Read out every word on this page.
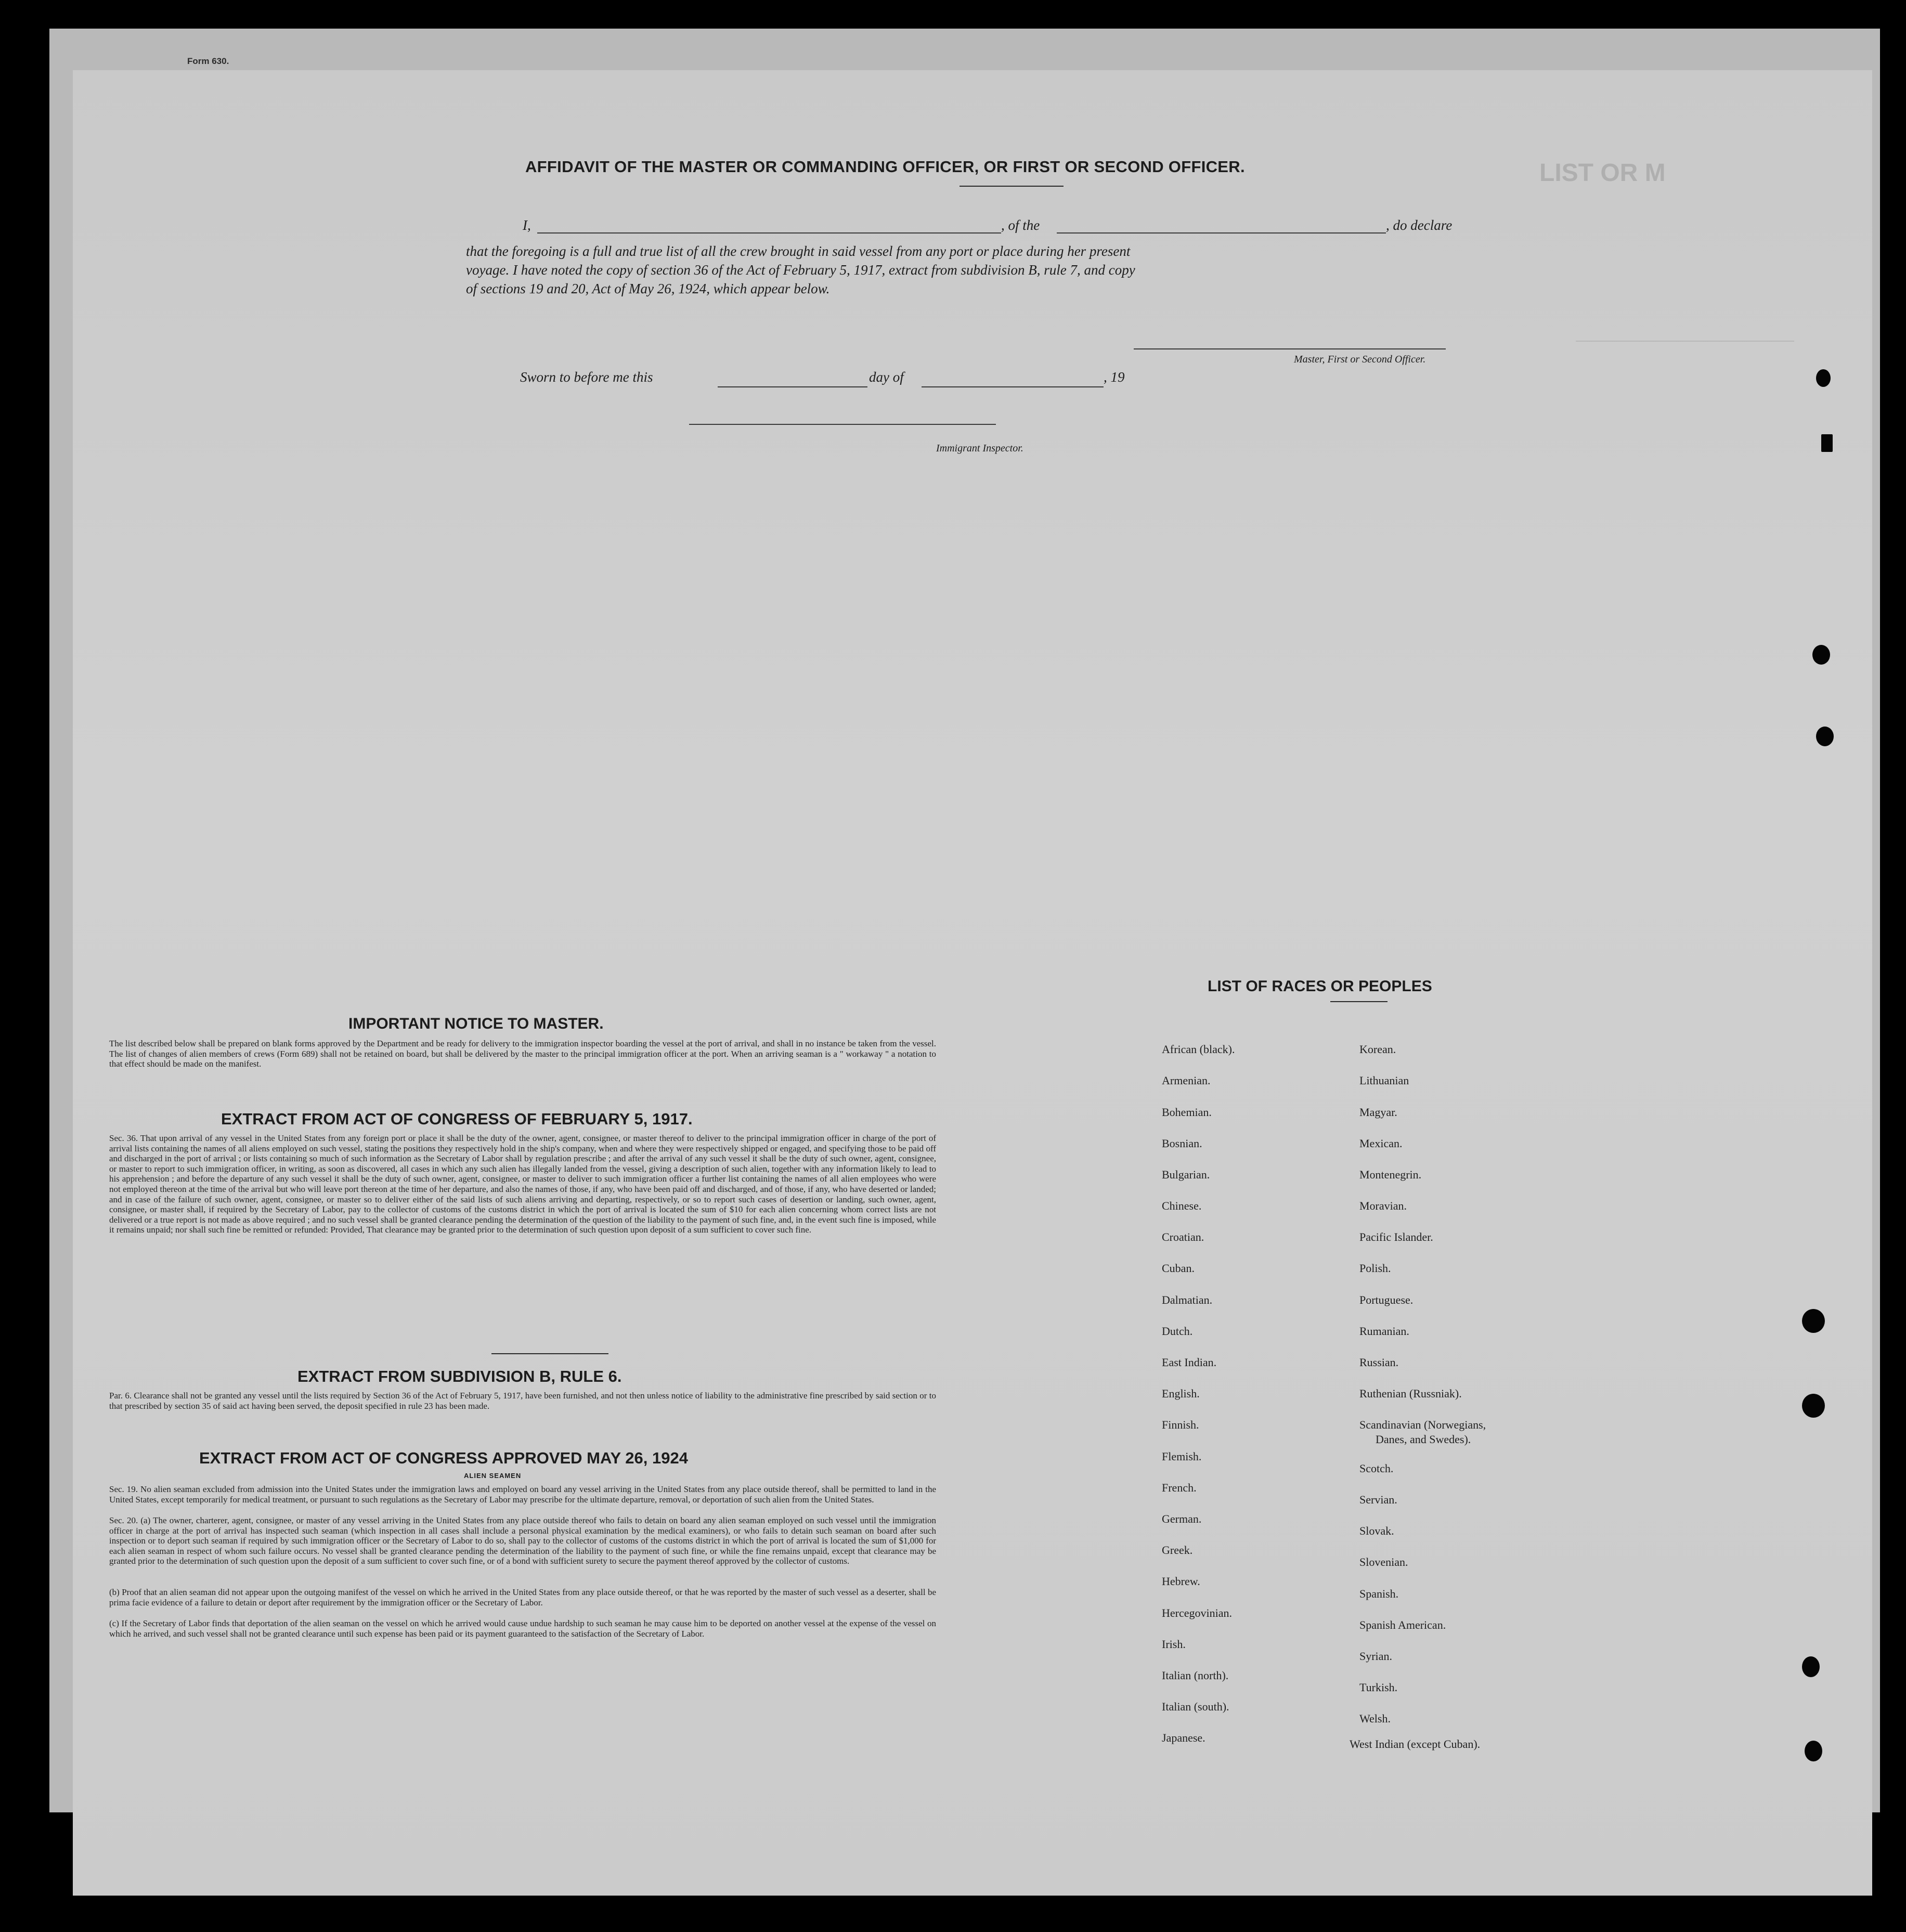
Form 630.
LIST OR M
AFFIDAVIT OF THE MASTER OR COMMANDING OFFICER, OR FIRST OR SECOND OFFICER.
I,	, of the	, do declare
that the foregoing is a full and true list of all the crew brought in said vessel from any port or place during her present
voyage. I have noted the copy of section 36 of the Act of February 5, 1917, extract from subdivision B, rule 7, and copy
of sections 19 and 20, Act of May 26, 1924, which appear below.
Master, First or Second Officer.
Sworn to before me this	day of	, 19
Immigrant Inspector.
IMPORTANT NOTICE TO MASTER.
The list described below shall be prepared on blank forms approved by the Department and be ready for delivery to the immigration inspector boarding the vessel at the port of arrival, and shall in no instance be taken from the vessel. The list of changes of alien members of crews (Form 689) shall not be retained on board, but shall be delivered by the master to the principal immigration officer at the port. When an arriving seaman is a " workaway " a notation to that effect should be made on the manifest.
EXTRACT FROM ACT OF CONGRESS OF FEBRUARY 5, 1917.
Sec. 36. That upon arrival of any vessel in the United States from any foreign port or place it shall be the duty of the owner, agent, consignee, or master thereof to deliver to the principal immigration officer in charge of the port of arrival lists containing the names of all aliens employed on such vessel, stating the positions they respectively hold in the ship's company, when and where they were respectively shipped or engaged, and specifying those to be paid off and discharged in the port of arrival ; or lists containing so much of such information as the Secretary of Labor shall by regulation prescribe ; and after the arrival of any such vessel it shall be the duty of such owner, agent, consignee, or master to report to such immigration officer, in writing, as soon as discovered, all cases in which any such alien has illegally landed from the vessel, giving a description of such alien, together with any information likely to lead to his apprehension ; and before the departure of any such vessel it shall be the duty of such owner, agent, consignee, or master to deliver to such immigration officer a further list containing the names of all alien employees who were not employed thereon at the time of the arrival but who will leave port thereon at the time of her departure, and also the names of those, if any, who have been paid off and discharged, and of those, if any, who have deserted or landed; and in case of the failure of such owner, agent, consignee, or master so to deliver either of the said lists of such aliens arriving and departing, respectively, or so to report such cases of desertion or landing, such owner, agent, consignee, or master shall, if required by the Secretary of Labor, pay to the collector of customs of the customs district in which the port of arrival is located the sum of $10 for each alien concerning whom correct lists are not delivered or a true report is not made as above required ; and no such vessel shall be granted clearance pending the determination of the question of the liability to the payment of such fine, and, in the event such fine is imposed, while it remains unpaid; nor shall such fine be remitted or refunded: Provided, That clearance may be granted prior to the determination of such question upon deposit of a sum sufficient to cover such fine.
EXTRACT FROM SUBDIVISION B, RULE 6.
Par. 6. Clearance shall not be granted any vessel until the lists required by Section 36 of the Act of February 5, 1917, have been furnished, and not then unless notice of liability to the administrative fine prescribed by said section or to that prescribed by section 35 of said act having been served, the deposit specified in rule 23 has been made.
EXTRACT FROM ACT OF CONGRESS APPROVED MAY 26, 1924
ALIEN SEAMEN
Sec. 19. No alien seaman excluded from admission into the United States under the immigration laws and employed on board any vessel arriving in the United States from any place outside thereof, shall be permitted to land in the United States, except temporarily for medical treatment, or pursuant to such regulations as the Secretary of Labor may prescribe for the ultimate departure, removal, or deportation of such alien from the United States.
Sec. 20. (a) The owner, charterer, agent, consignee, or master of any vessel arriving in the United States from any place outside thereof who fails to detain on board any alien seaman employed on such vessel until the immigration officer in charge at the port of arrival has inspected such seaman (which inspection in all cases shall include a personal physical examination by the medical examiners), or who fails to detain such seaman on board after such inspection or to deport such seaman if required by such immigration officer or the Secretary of Labor to do so, shall pay to the collector of customs of the customs district in which the port of arrival is located the sum of $1,000 for each alien seaman in respect of whom such failure occurs. No vessel shall be granted clearance pending the determination of the liability to the payment of such fine, or while the fine remains unpaid, except that clearance may be granted prior to the determination of such question upon the deposit of a sum sufficient to cover such fine, or of a bond with sufficient surety to secure the payment thereof approved by the collector of customs.
(b) Proof that an alien seaman did not appear upon the outgoing manifest of the vessel on which he arrived in the United States from any place outside thereof, or that he was reported by the master of such vessel as a deserter, shall be prima facie evidence of a failure to detain or deport after requirement by the immigration officer or the Secretary of Labor.
(c) If the Secretary of Labor finds that deportation of the alien seaman on the vessel on which he arrived would cause undue hardship to such seaman he may cause him to be deported on another vessel at the expense of the vessel on which he arrived, and such vessel shall not be granted clearance until such expense has been paid or its payment guaranteed to the satisfaction of the Secretary of Labor.
LIST OF RACES OR PEOPLES
African (black).
Armenian.
Bohemian.
Bosnian.
Bulgarian.
Chinese.
Croatian.
Cuban.
Dalmatian.
Dutch.
East Indian.
English.
Finnish.
Flemish.
French.
German.
Greek.
Hebrew.
Hercegovinian.
Irish.
Italian (north).
Italian (south).
Japanese.
Korean.
Lithuanian
Magyar.
Mexican.
Montenegrin.
Moravian.
Pacific Islander.
Polish.
Portuguese.
Rumanian.
Russian.
Ruthenian (Russniak).
Scandinavian (Norwegians,
Danes, and Swedes).
Scotch.
Servian.
Slovak.
Slovenian.
Spanish.
Spanish American.
Syrian.
Turkish.
Welsh.
West Indian (except Cuban).
